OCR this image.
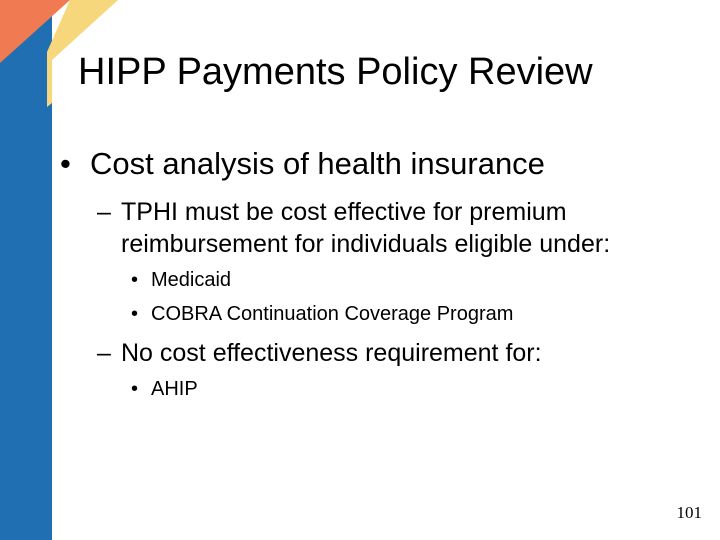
HIPP Payments Policy Review
• Cost analysis of health insurance
– TPHI must be cost effective for premium
reimbursement for individuals eligible under:
• Medicaid
• COBRA Continuation Coverage Program
– No cost effectiveness requirement for:
• AHIP
101
